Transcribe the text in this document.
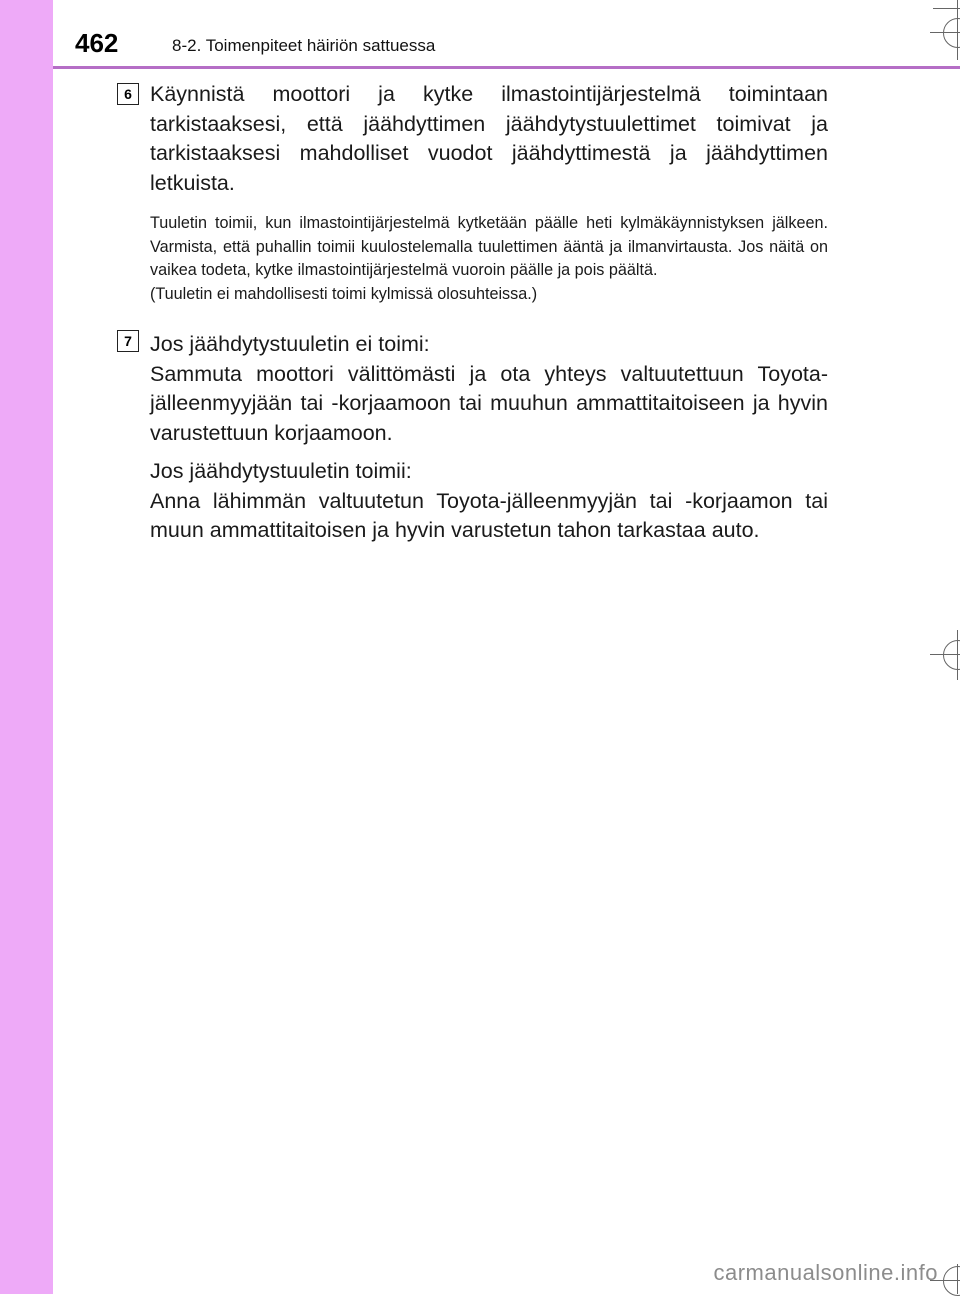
462	8-2. Toimenpiteet häiriön sattuessa
6 Käynnistä moottori ja kytke ilmastointijärjestelmä toimintaan tarkistaaksesi, että jäähdyttimen jäähdytystuulettimet toimivat ja tarkistaaksesi mahdolliset vuodot jäähdyttimestä ja jäähdyttimen letkuista.

Tuuletin toimii, kun ilmastointijärjestelmä kytketään päälle heti kylmäkäynnistyksen jälkeen. Varmista, että puhallin toimii kuulostelemalla tuulettimen ääntä ja ilmanvirtausta. Jos näitä on vaikea todeta, kytke ilmastointijärjestelmä vuoroin päälle ja pois päältä.
(Tuuletin ei mahdollisesti toimi kylmissä olosuhteissa.)
7 Jos jäähdytystuuletin ei toimi:

Sammuta moottori välittömästi ja ota yhteys valtuutettuun Toyota-jälleenmyyjään tai -korjaamoon tai muuhun ammattitaitoiseen ja hyvin varustettuun korjaamoon.

Jos jäähdytystuuletin toimii:

Anna lähimmän valtuutetun Toyota-jälleenmyyjän tai -korjaamon tai muun ammattitaitoisen ja hyvin varustetun tahon tarkastaa auto.

carmanualsonline.info
